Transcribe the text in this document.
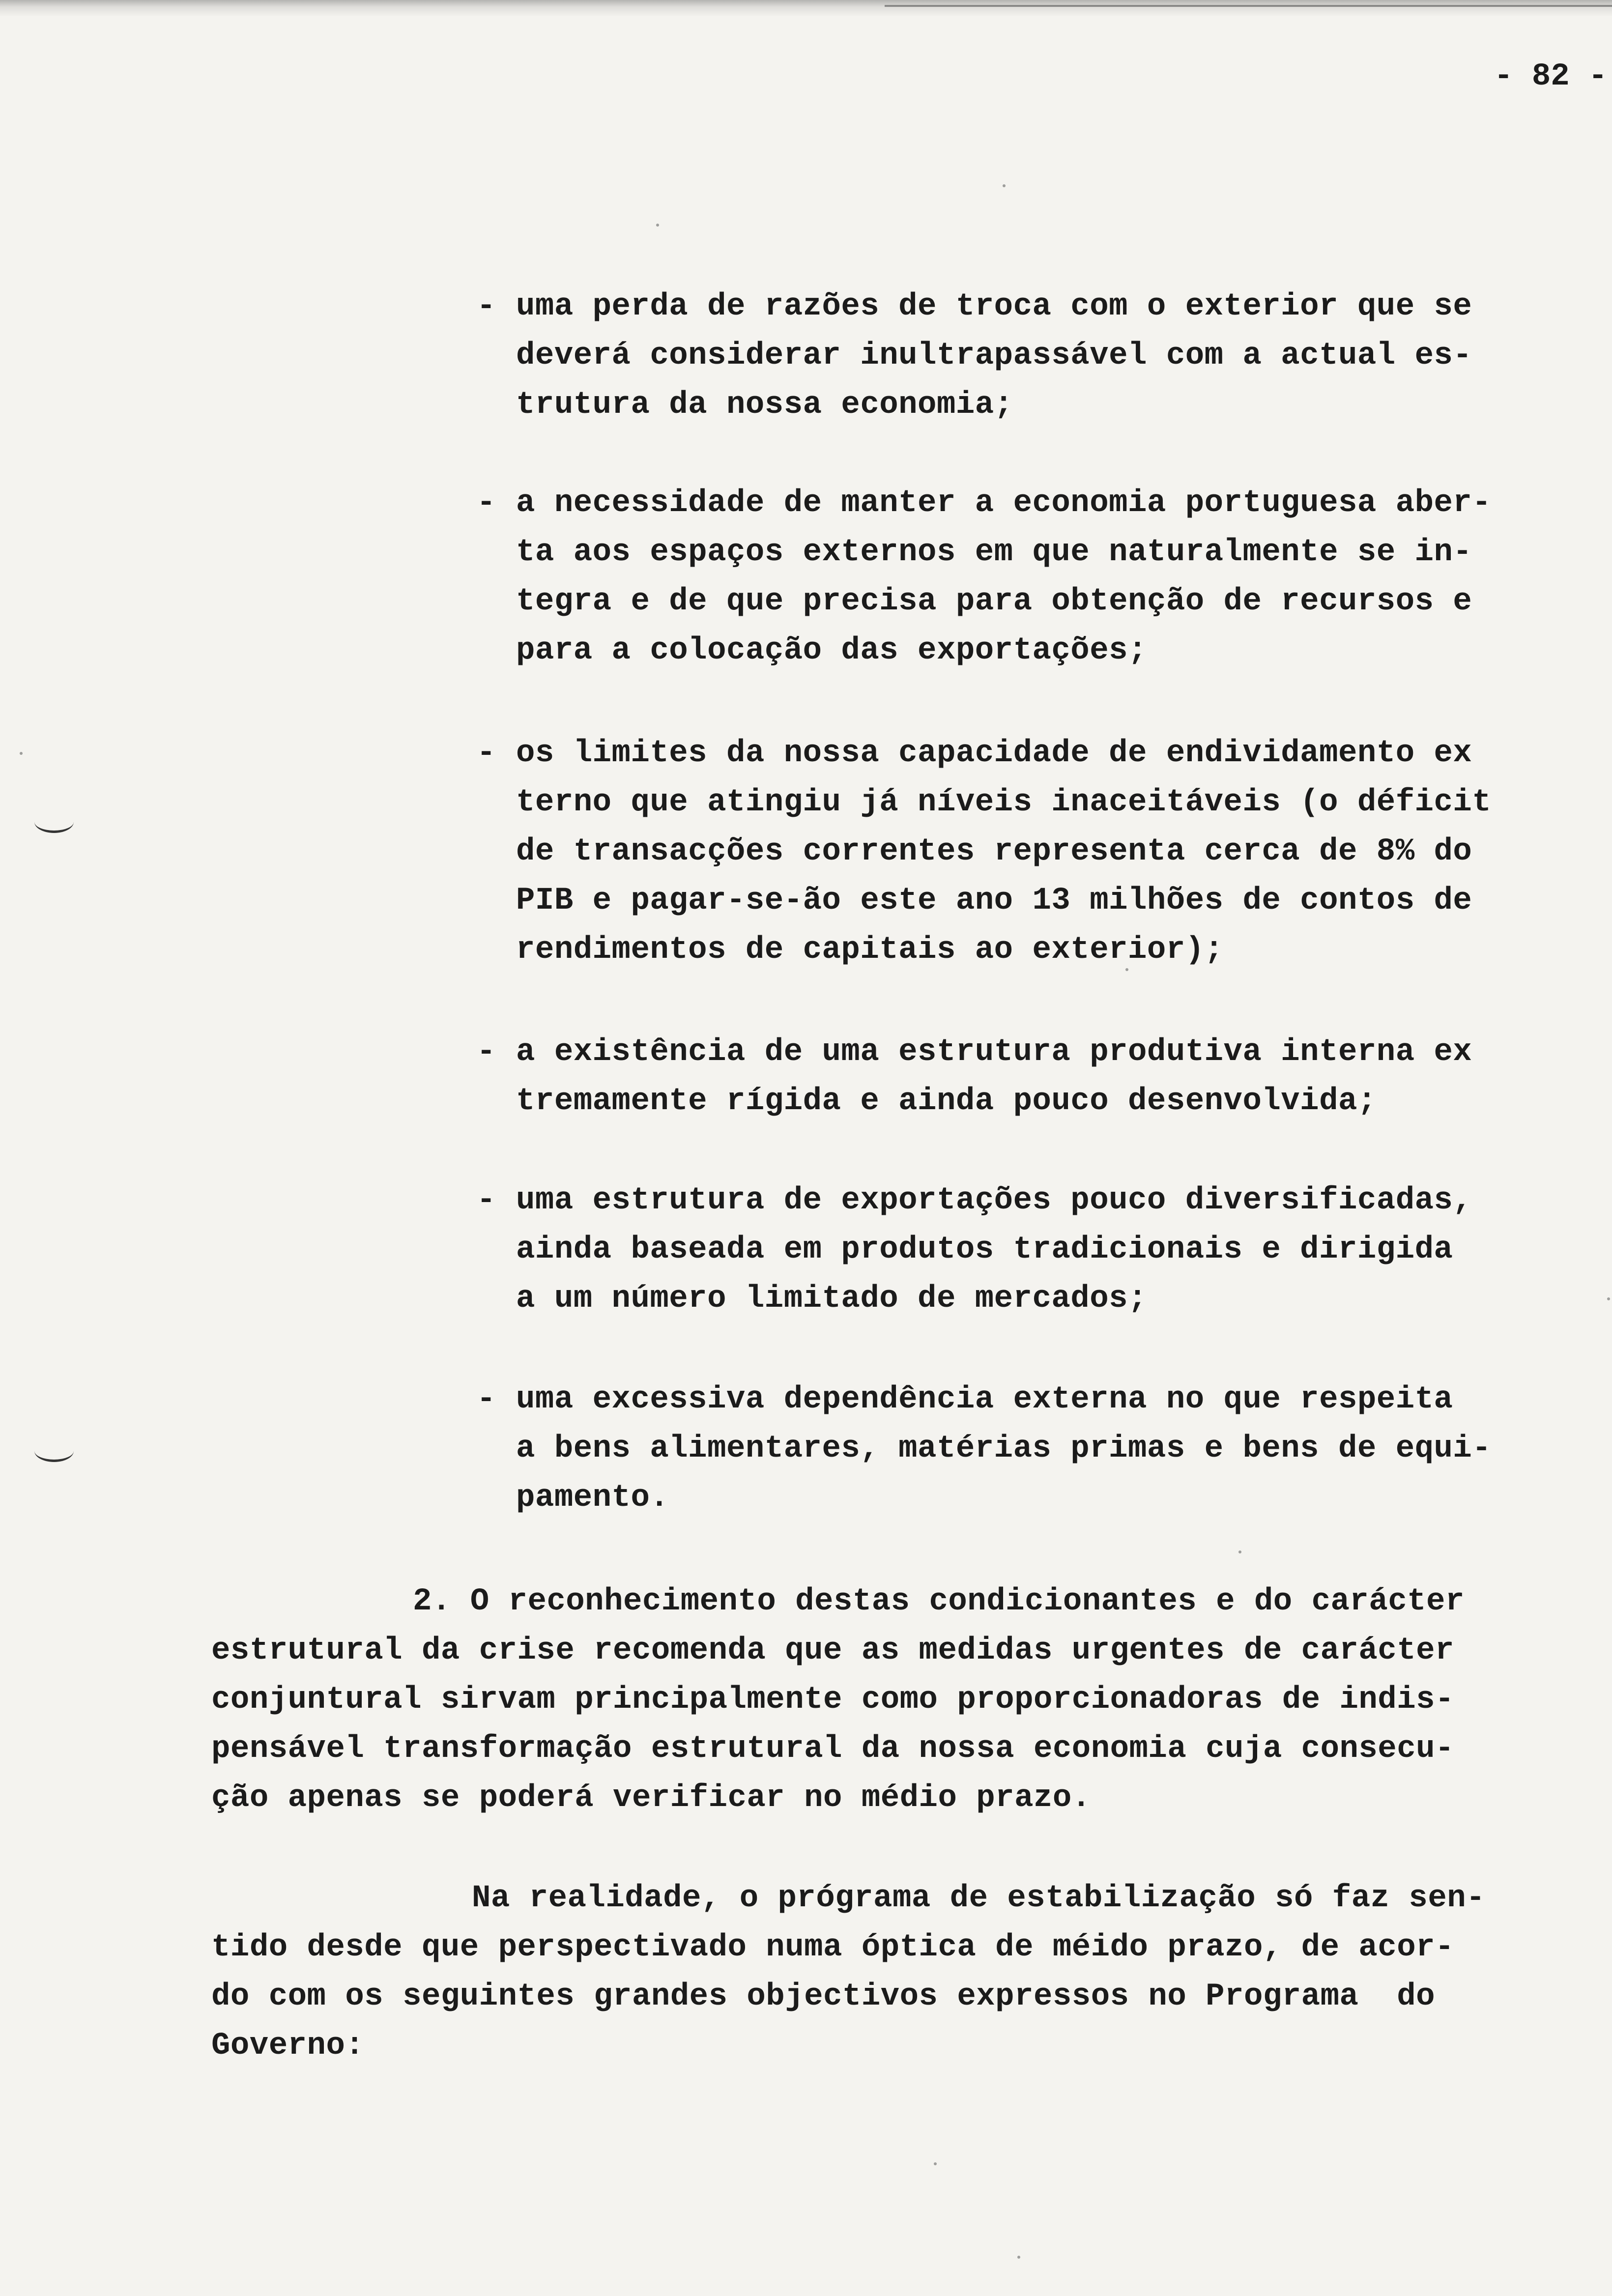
- 82 -
- uma perda de razões de troca com o exterior que se
deverá considerar inultrapassável com a actual es-
trutura da nossa economia;
- a necessidade de manter a economia portuguesa aber-
ta aos espaços externos em que naturalmente se in-
tegra e de que precisa para obtenção de recursos e
para a colocação das exportações;
- os limites da nossa capacidade de endividamento ex
terno que atingiu já níveis inaceitáveis (o déficit
de transacções correntes representa cerca de 8% do
PIB e pagar-se-ão este ano 13 milhões de contos de
rendimentos de capitais ao exterior);
- a existência de uma estrutura produtiva interna ex
tremamente rígida e ainda pouco desenvolvida;
- uma estrutura de exportações pouco diversificadas,
ainda baseada em produtos tradicionais e dirigida
a um número limitado de mercados;
- uma excessiva dependência externa no que respeita
a bens alimentares, matérias primas e bens de equi-
pamento.
2. O reconhecimento destas condicionantes e do carácter
estrutural da crise recomenda que as medidas urgentes de carácter
conjuntural sirvam principalmente como proporcionadoras de indis-
pensável transformação estrutural da nossa economia cuja consecu-
ção apenas se poderá verificar no médio prazo.
Na realidade, o prógrama de estabilização só faz sen-
tido desde que perspectivado numa óptica de méido prazo, de acor-
do com os seguintes grandes objectivos expressos no Programa  do
Governo:
